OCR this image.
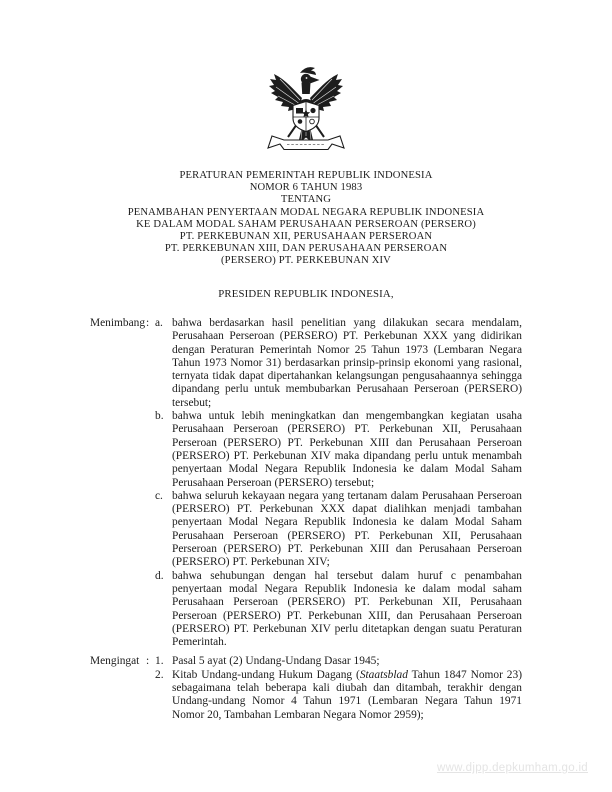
PERATURAN PEMERINTAH REPUBLIK INDONESIA
NOMOR 6 TAHUN 1983
TENTANG
PENAMBAHAN PENYERTAAN MODAL NEGARA REPUBLIK INDONESIA
KE DALAM MODAL SAHAM PERUSAHAAN PERSEROAN (PERSERO)
PT. PERKEBUNAN XII, PERUSAHAAN PERSEROAN
PT. PERKEBUNAN XIII, DAN PERUSAHAAN PERSEROAN
(PERSERO) PT. PERKEBUNAN XIV
PRESIDEN REPUBLIK INDONESIA,
Menimbang : a. bahwa berdasarkan hasil penelitian yang dilakukan secara mendalam, Perusahaan Perseroan (PERSERO) PT. Perkebunan XXX yang didirikan dengan Peraturan Pemerintah Nomor 25 Tahun 1973 (Lembaran Negara Tahun 1973 Nomor 31) berdasarkan prinsip-prinsip ekonomi yang rasional, ternyata tidak dapat dipertahankan kelangsungan pengusahaannya sehingga dipandang perlu untuk membubarkan Perusahaan Perseroan (PERSERO) tersebut;
b. bahwa untuk lebih meningkatkan dan mengembangkan kegiatan usaha Perusahaan Perseroan (PERSERO) PT. Perkebunan XII, Perusahaan Perseroan (PERSERO) PT. Perkebunan XIII dan Perusahaan Perseroan (PERSERO) PT. Perkebunan XIV maka dipandang perlu untuk menambah penyertaan Modal Negara Republik Indonesia ke dalam Modal Saham Perusahaan Perseroan (PERSERO) tersebut;
c. bahwa seluruh kekayaan negara yang tertanam dalam Perusahaan Perseroan (PERSERO) PT. Perkebunan XXX dapat dialihkan menjadi tambahan penyertaan Modal Negara Republik Indonesia ke dalam Modal Saham Perusahaan Perseroan (PERSERO) PT. Perkebunan XII, Perusahaan Perseroan (PERSERO) PT. Perkebunan XIII dan Perusahaan Perseroan (PERSERO) PT. Perkebunan XIV;
d. bahwa sehubungan dengan hal tersebut dalam huruf c penambahan penyertaan modal Negara Republik Indonesia ke dalam modal saham Perusahaan Perseroan (PERSERO) PT. Perkebunan XII, Perusahaan Perseroan (PERSERO) PT. Perkebunan XIII, dan Perusahaan Perseroan (PERSERO) PT. Perkebunan XIV perlu ditetapkan dengan suatu Peraturan Pemerintah.
Mengingat : 1. Pasal 5 ayat (2) Undang-Undang Dasar 1945;
2. Kitab Undang-undang Hukum Dagang (Staatsblad Tahun 1847 Nomor 23) sebagaimana telah beberapa kali diubah dan ditambah, terakhir dengan Undang-undang Nomor 4 Tahun 1971 (Lembaran Negara Tahun 1971 Nomor 20, Tambahan Lembaran Negara Nomor 2959);
www.djpp.depkumham.go.id
